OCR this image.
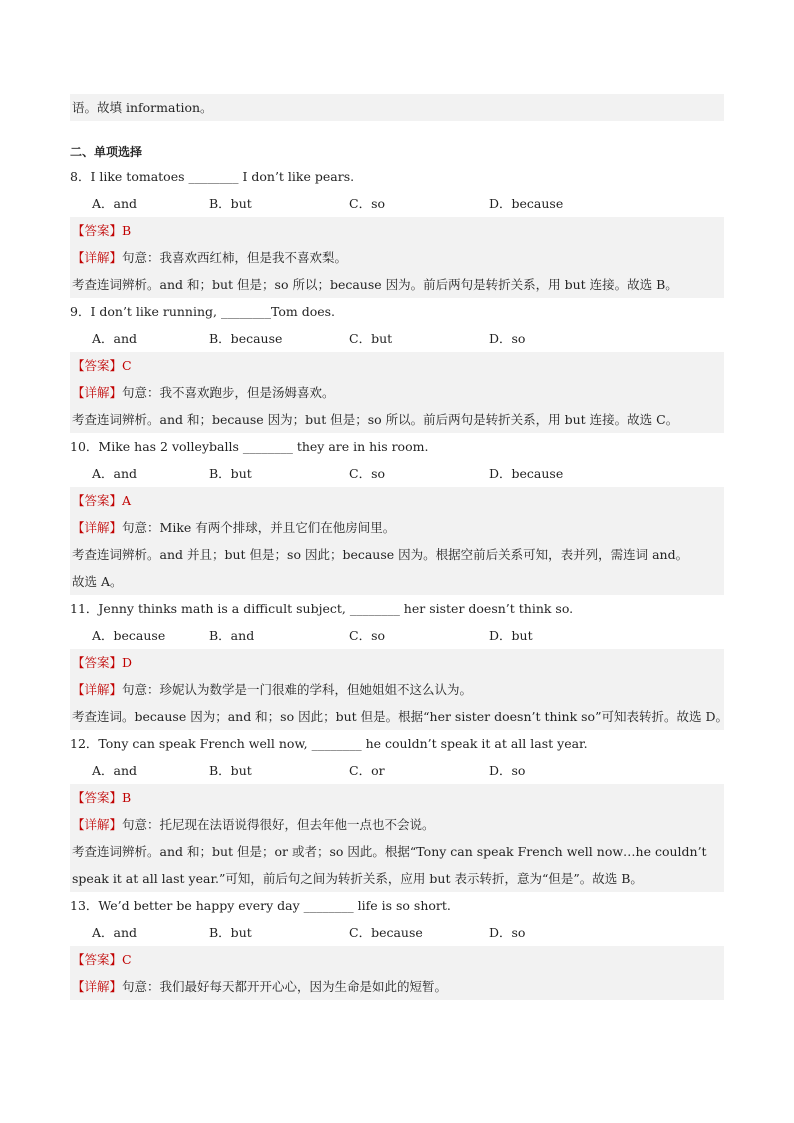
语。故填 information。
二、单项选择
8．I like tomatoes ________ I don’t like pears.
A．and	B．but	C．so	D．because
【答案】B
【详解】句意：我喜欢西红柿，但是我不喜欢梨。
考查连词辨析。and 和；but 但是；so 所以；because 因为。前后两句是转折关系，用 but 连接。故选 B。
9．I don’t like running, ________Tom does.
A．and	B．because	C．but	D．so
【答案】C
【详解】句意：我不喜欢跑步，但是汤姆喜欢。
考查连词辨析。and 和；because 因为；but 但是；so 所以。前后两句是转折关系，用 but 连接。故选 C。
10．Mike has 2 volleyballs ________ they are in his room.
A．and	B．but	C．so	D．because
【答案】A
【详解】句意：Mike 有两个排球，并且它们在他房间里。
考查连词辨析。and 并且；but 但是；so 因此；because 因为。根据空前后关系可知，表并列，需连词 and。
故选 A。
11．Jenny thinks math is a difficult subject, ________ her sister doesn’t think so.
A．because	B．and	C．so	D．but
【答案】D
【详解】句意：珍妮认为数学是一门很难的学科，但她姐姐不这么认为。
考查连词。because 因为；and 和；so 因此；but 但是。根据“her sister doesn’t think so”可知表转折。故选 D。
12．Tony can speak French well now, ________ he couldn’t speak it at all last year.
A．and	B．but	C．or	D．so
【答案】B
【详解】句意：托尼现在法语说得很好，但去年他一点也不会说。
考查连词辨析。and 和；but 但是；or 或者；so 因此。根据“Tony can speak French well now…he couldn’t
speak it at all last year.”可知，前后句之间为转折关系，应用 but 表示转折，意为“但是”。故选 B。
13．We’d better be happy every day ________ life is so short.
A．and	B．but	C．because	D．so
【答案】C
【详解】句意：我们最好每天都开开心心，因为生命是如此的短暂。
